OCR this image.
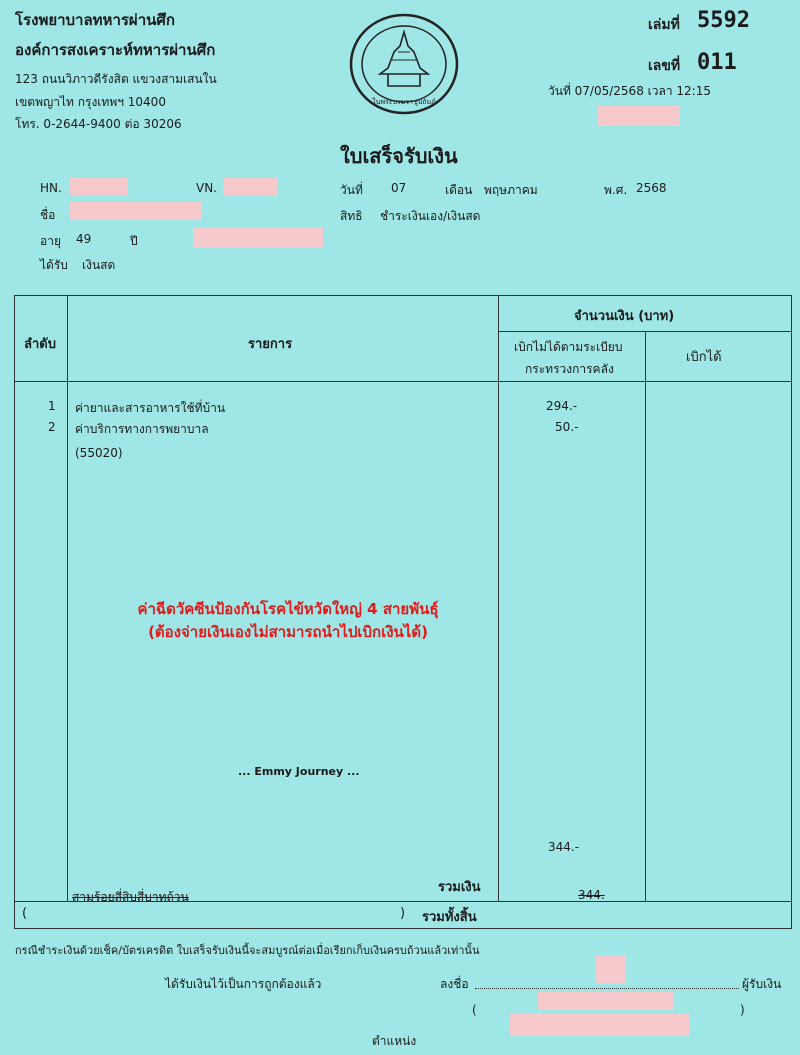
โรงพยาบาลทหารผ่านศึก
องค์การสงเคราะห์ทหารผ่านศึก
123 ถนนวิภาวดีรังสิต แขวงสามเสนใน
เขตพญาไท กรุงเทพฯ 10400
โทร. 0-2644-9400 ต่อ 30206
ในพระบรมราชูปถัมภ์
เล่มที่ 5592
เลขที่ 011
วันที่ 07/05/2568 เวลา 12:15
ใบเสร็จรับเงิน
HN.	VN.
ชื่อ
อายุ 49	ปี
ได้รับ เงินสด
วันที่ 07	เดือน พฤษภาคม	พ.ศ. 2568
สิทธิ ชำระเงินเอง/เงินสด
ลำดับ	รายการ
จำนวนเงิน (บาท)
เบิกไม่ได้ตามระเบียบ
กระทรวงการคลัง
เบิกได้
1 ค่ายาและสารอาหารใช้ที่บ้าน	294.-
2 ค่าบริการทางการพยาบาล	50.-
(55020)
ค่าฉีดวัคซีนป้องกันโรคไข้หวัดใหญ่ 4 สายพันธุ์
(ต้องจ่ายเงินเองไม่สามารถนำไปเบิกเงินได้)
... Emmy Journey ...
344.-
รวมเงิน
สามร้อยสี่สิบสี่บาทถ้วน
(	) รวมทั้งสิ้น
344.
กรณีชำระเงินด้วยเช็ค/บัตรเครดิต ใบเสร็จรับเงินนี้จะสมบูรณ์ต่อเมื่อเรียกเก็บเงินครบถ้วนแล้วเท่านั้น
ได้รับเงินไว้เป็นการถูกต้องแล้ว	ลงชื่อ	ผู้รับเงิน
(	)
ตำแหน่ง
